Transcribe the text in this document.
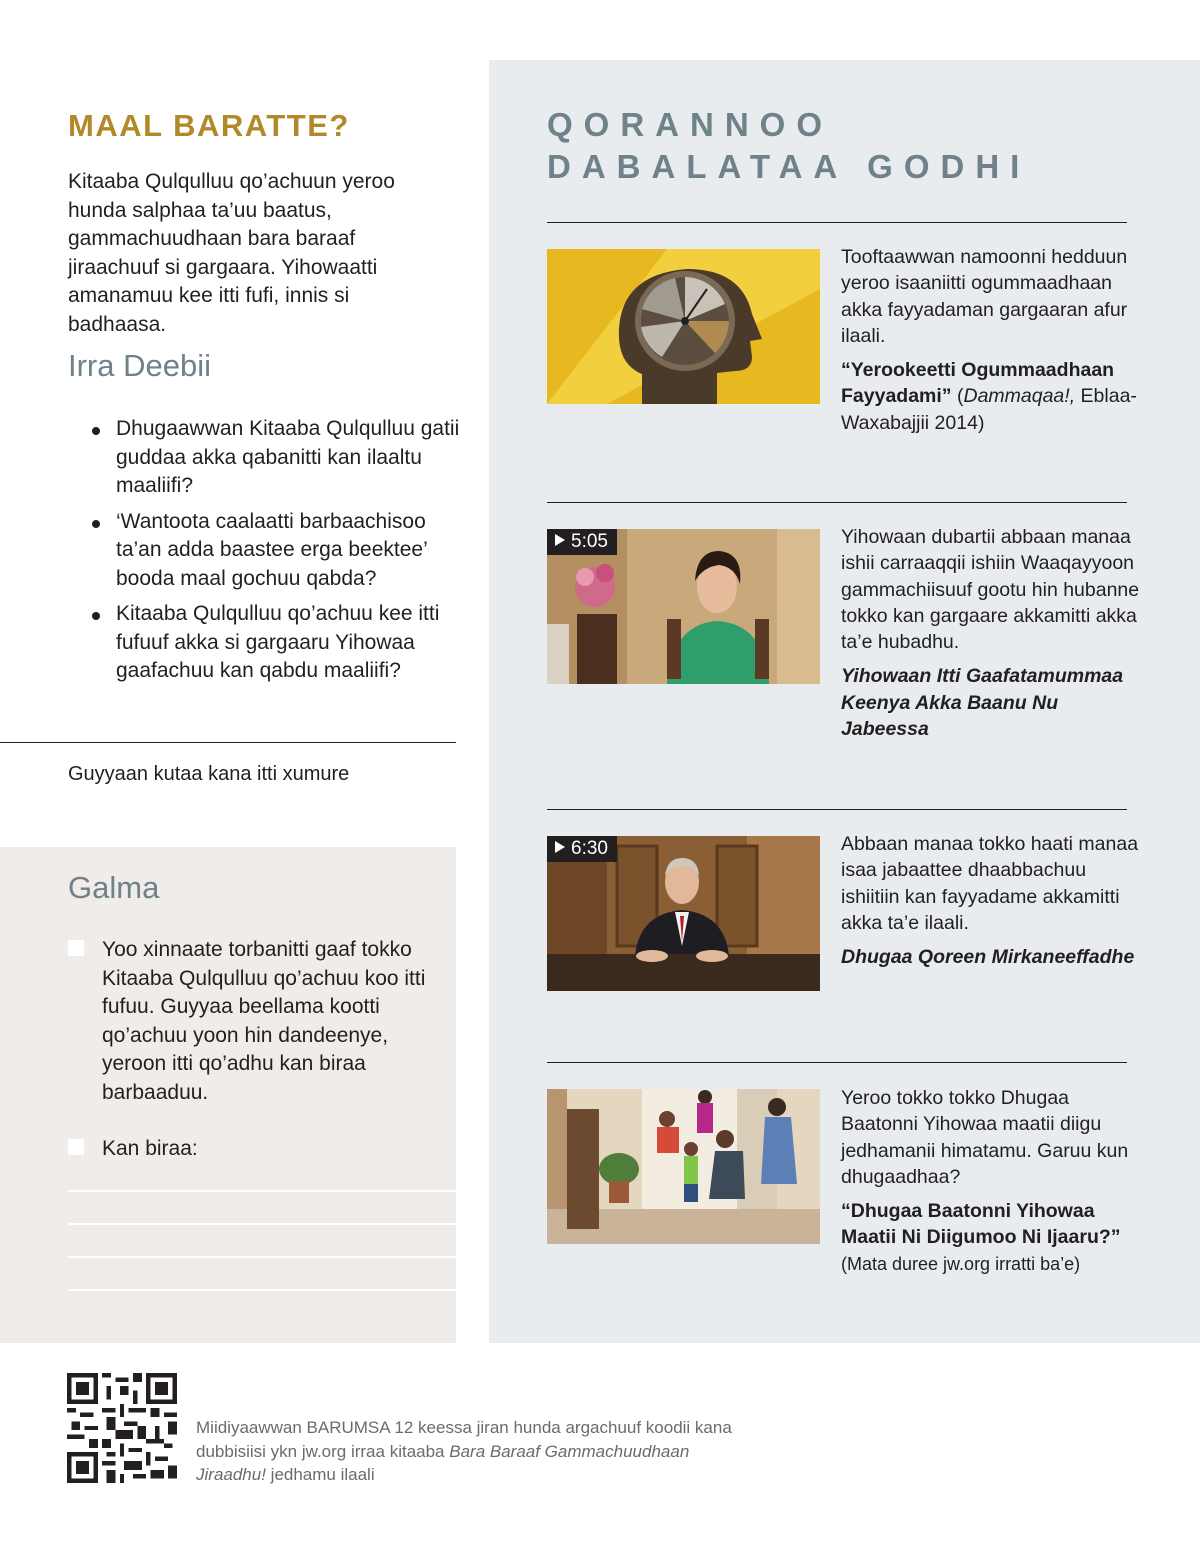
MAAL BARATTE?

Kitaaba Qulqulluu qo’achuun yeroo hunda salphaa ta’uu baatus, gammachuudhaan bara baraaf jiraachuuf si gargaara. Yihowaatti amanamuu kee itti fufi, innis si badhaasa.

Irra Deebii
Dhugaawwan Kitaaba Qulqulluu gatii guddaa akka qabanitti kan ilaaltu maaliifi?
‘Wantoota caalaatti barbaachisoo ta’an adda baastee erga beektee’ booda maal gochuu qabda?
Kitaaba Qulqulluu qo’achuu kee itti fufuuf akka si gargaaru Yihowaa gaafachuu kan qabdu maaliifi?

Guyyaan kutaa kana itti xumure

Galma

Yoo xinnaate torbanitti gaaf tokko Kitaaba Qulqulluu qo’achuu koo itti fufuu. Guyyaa beellama kootti qo’achuu yoon hin dandeenye, yeroon itti qo’adhu kan biraa barbaaduu.

Kan biraa:

QORANNOO
DABALATAA GODHI

Tooftaawwan namoonni hedduun yeroo isaaniitti ogummaadhaan akka fayyadaman gargaaran afur ilaali.

“Yerookeetti Ogummaadhaan Fayyadami” (Dammaqaa!, Eblaa-Waxabajjii 2014)

5:05	Yihowaan dubartii abbaan manaa ishii carraaqqii ishiin Waaqayyoon gammachiisuuf gootu hin hubanne tokko kan gargaare akkamitti akka ta’e hubadhu.

Yihowaan Itti Gaafatamummaa Keenya Akka Baanu Nu Jabeessa

6:30	Abbaan manaa tokko haati manaa isaa jabaattee dhaabbachuu ishiitiin kan fayyadame akkamitti akka ta’e ilaali.

Dhugaa Qoreen Mirkaneeffadhe

Yeroo tokko tokko Dhugaa Baatonni Yihowaa maatii diigu jedhamanii himatamu. Garuu kun dhugaadhaa?

“Dhugaa Baatonni Yihowaa Maatii Ni Diigumoo Ni Ijaaru?”

(Mata duree jw.org irratti ba’e)

Miidiyaawwan BARUMSA 12 keessa jiran hunda argachuuf koodii kana dubbisiisi ykn jw.org irraa kitaaba Bara Baraaf Gammachuudhaan Jiraadhu! jedhamu ilaali
